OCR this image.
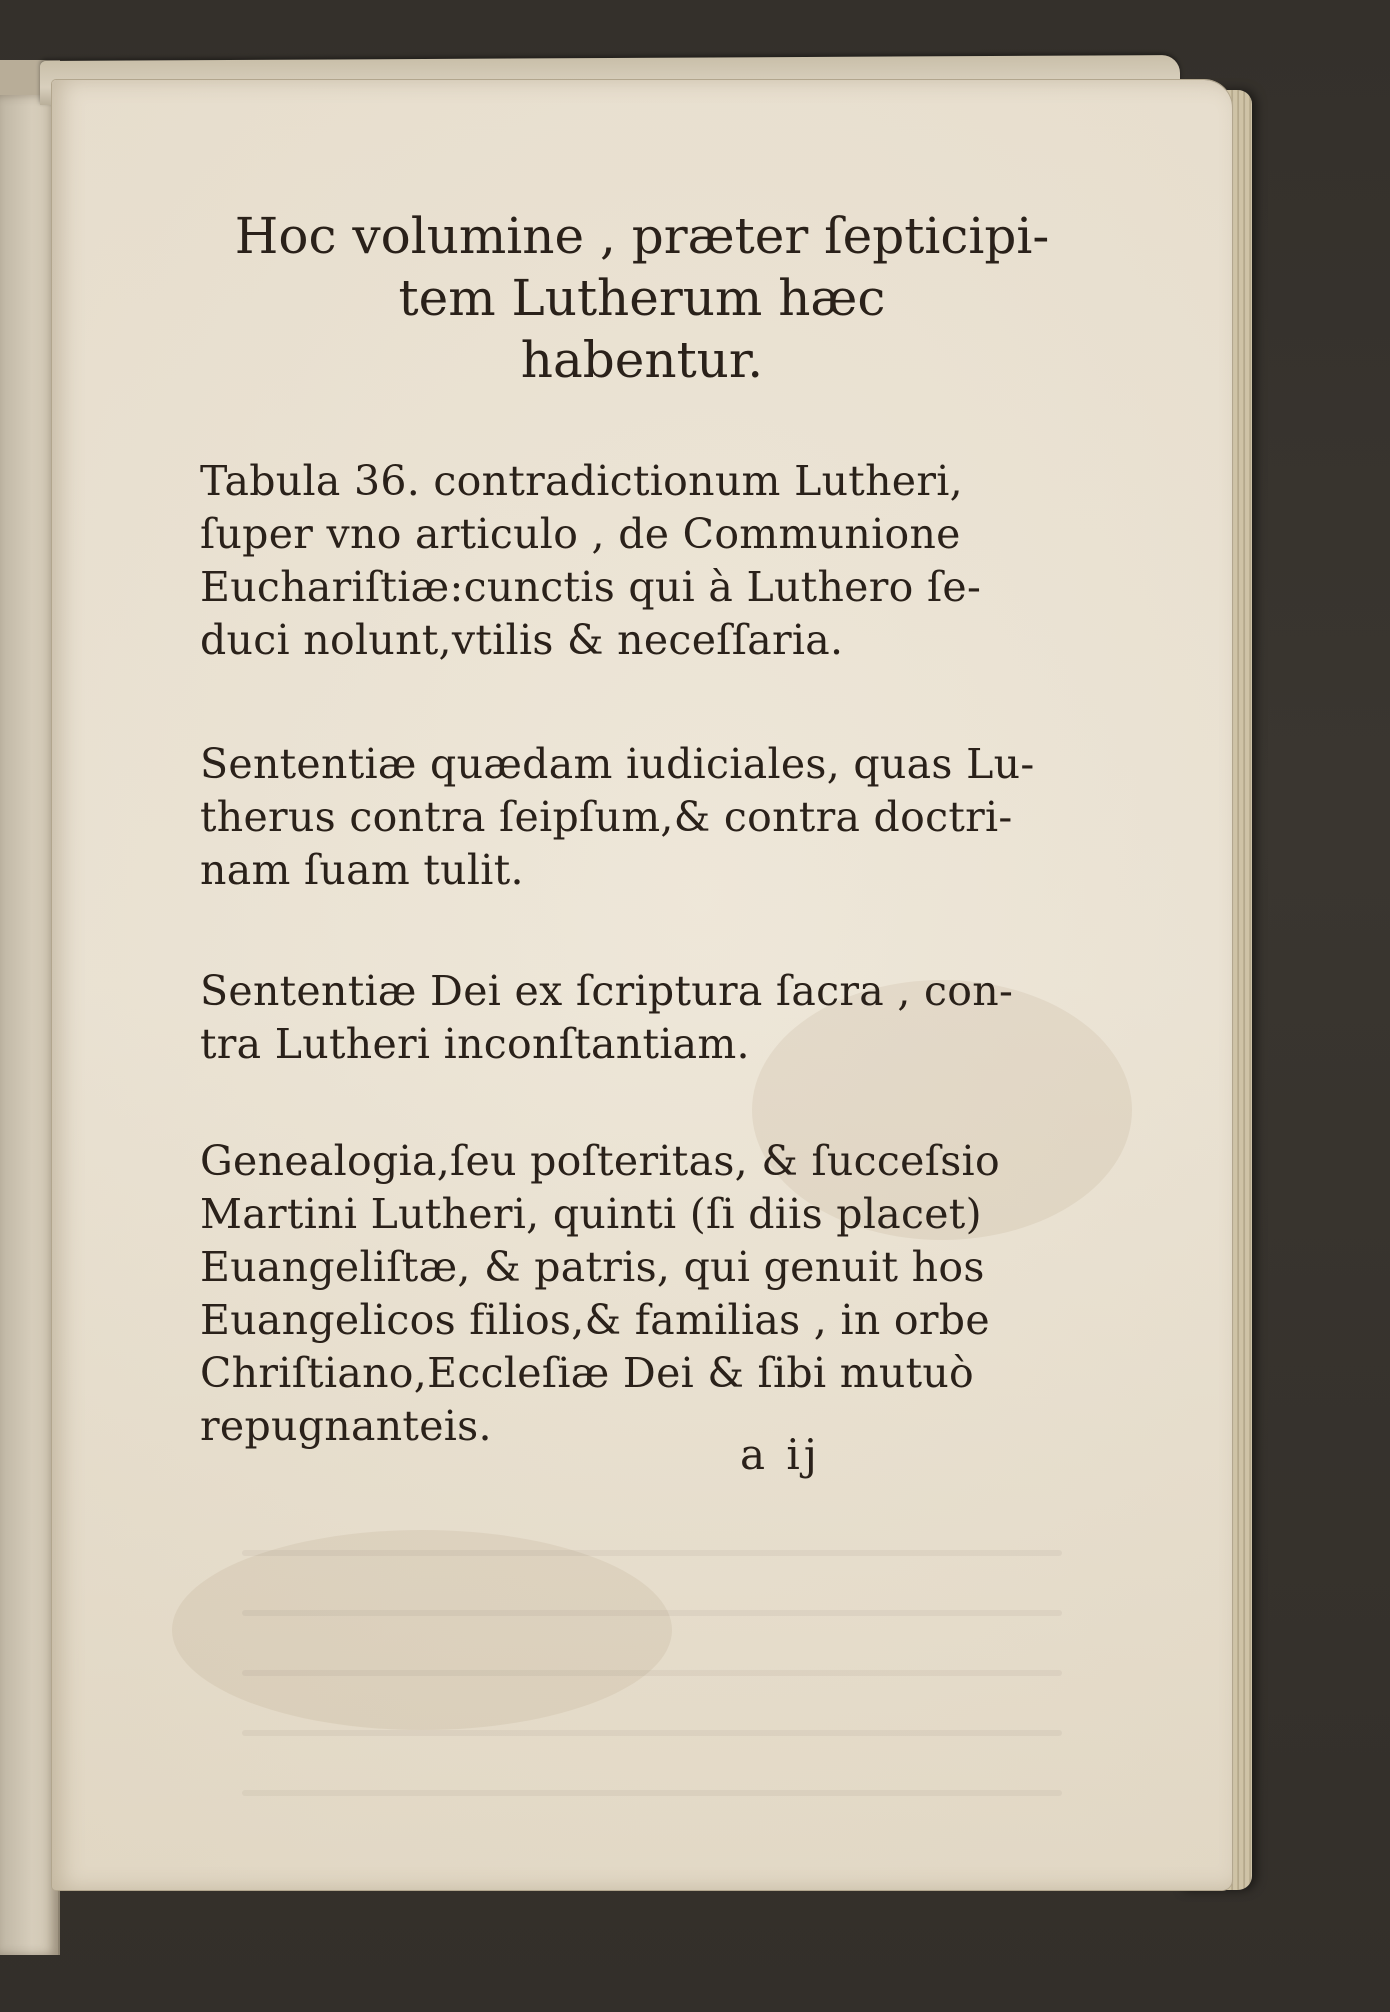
Hoc volumine , præter ſepticipi-
tem Lutherum hæc
habentur.
Tabula 36. contradictionum Lutheri,
ſuper vno articulo , de Communione
Euchariſtiæ:cunctis qui à Luthero ſe-
duci nolunt,vtilis & neceſſaria.
Sententiæ quædam iudiciales, quas Lu-
therus contra ſeipſum,& contra doctri-
nam ſuam tulit.
Sententiæ Dei ex ſcriptura ſacra , con-
tra Lutheri inconſtantiam.
Genealogia,ſeu poſteritas, & ſucceſsio
Martini Lutheri, quinti (ſi diis placet)
Euangeliſtæ, & patris, qui genuit hos
Euangelicos filios,& familias , in orbe
Chriſtiano,Eccleſiæ Dei & ſibi mutuò
repugnanteis.
a ij
